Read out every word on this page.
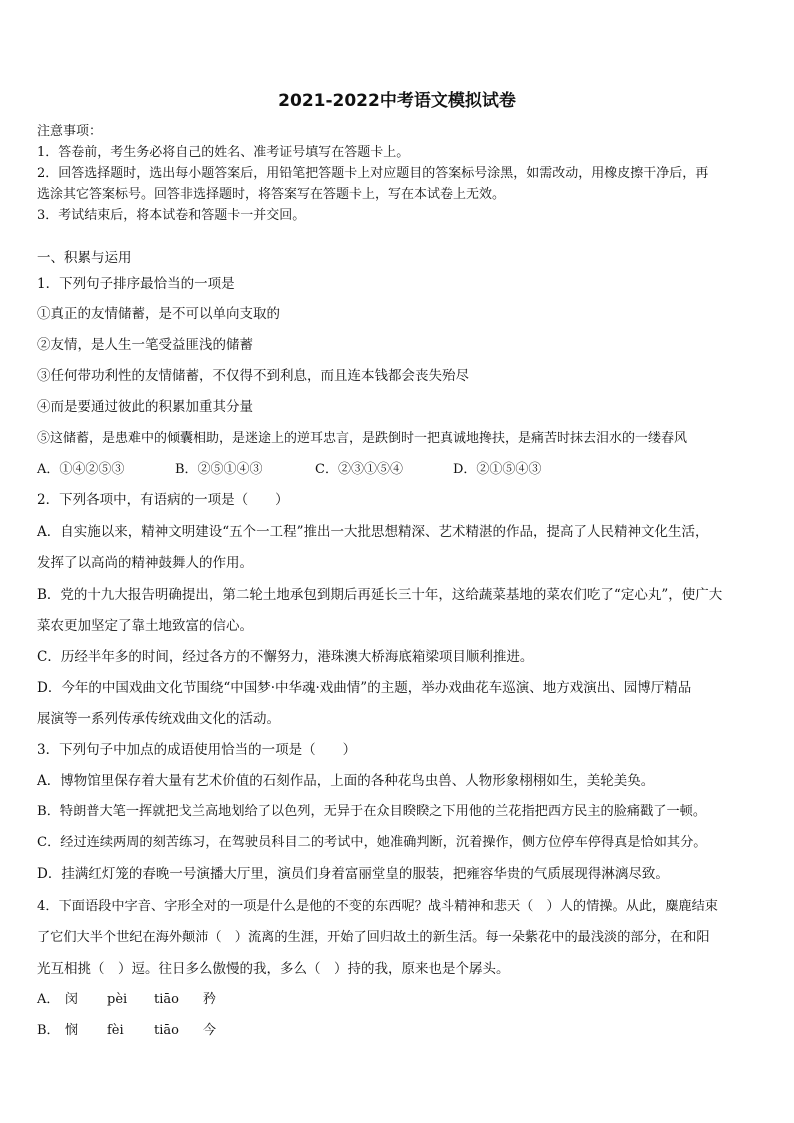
2021-2022中考语文模拟试卷
注意事项：
1．答卷前，考生务必将自己的姓名、准考证号填写在答题卡上。
2．回答选择题时，选出每小题答案后，用铅笔把答题卡上对应题目的答案标号涂黑，如需改动，用橡皮擦干净后，再
选涂其它答案标号。回答非选择题时，将答案写在答题卡上，写在本试卷上无效。
3．考试结束后，将本试卷和答题卡一并交回。
一、积累与运用
1．下列句子排序最恰当的一项是
①真正的友情储蓄，是不可以单向支取的
②友情，是人生一笔受益匪浅的储蓄
③任何带功利性的友情储蓄，不仅得不到利息，而且连本钱都会丧失殆尽
④而是要通过彼此的积累加重其分量
⑤这储蓄，是患难中的倾囊相助，是迷途上的逆耳忠言，是跌倒时一把真诚地搀扶，是痛苦时抹去泪水的一缕春风
A．①④②⑤③	B．②⑤①④③	C．②③①⑤④	D．②①⑤④③
2．下列各项中，有语病的一项是（　　）
A．自实施以来，精神文明建设“五个一工程”推出一大批思想精深、艺术精湛的作品，提高了人民精神文化生活，
发挥了以高尚的精神鼓舞人的作用。
B．党的十九大报告明确提出，第二轮土地承包到期后再延长三十年，这给蔬菜基地的菜农们吃了“定心丸”，使广大
菜农更加坚定了靠土地致富的信心。
C．历经半年多的时间，经过各方的不懈努力，港珠澳大桥海底箱梁项目顺利推进。
D．今年的中国戏曲文化节围绕“中国梦·中华魂·戏曲情”的主题，举办戏曲花车巡演、地方戏演出、园博厅精品
展演等一系列传承传统戏曲文化的活动。
3．下列句子中加点的成语使用恰当的一项是（　　）
A．博物馆里保存着大量有艺术价值的石刻作品，上面的各种花鸟虫兽、人物形象栩栩如生，美轮美奂。
B．特朗普大笔一挥就把戈兰高地划给了以色列，无异于在众目睽睽之下用他的兰花指把西方民主的脸痛戳了一顿。
C．经过连续两周的刻苦练习，在驾驶员科目二的考试中，她准确判断，沉着操作，侧方位停车停得真是恰如其分。
D．挂满红灯笼的春晚一号演播大厅里，演员们身着富丽堂皇的服装，把雍容华贵的气质展现得淋漓尽致。
4．下面语段中字音、字形全对的一项是什么是他的不变的东西呢？战斗精神和悲天（　）人的情操。从此，麋鹿结束
了它们大半个世纪在海外颠沛（　）流离的生涯，开始了回归故土的新生活。每一朵紫花中的最浅淡的部分，在和阳
光互相挑（　）逗。往日多么傲慢的我，多么（　）持的我，原来也是个孱头。
A． 闵 pèi tiāo 矜
B． 悯 fèi tiāo 今
